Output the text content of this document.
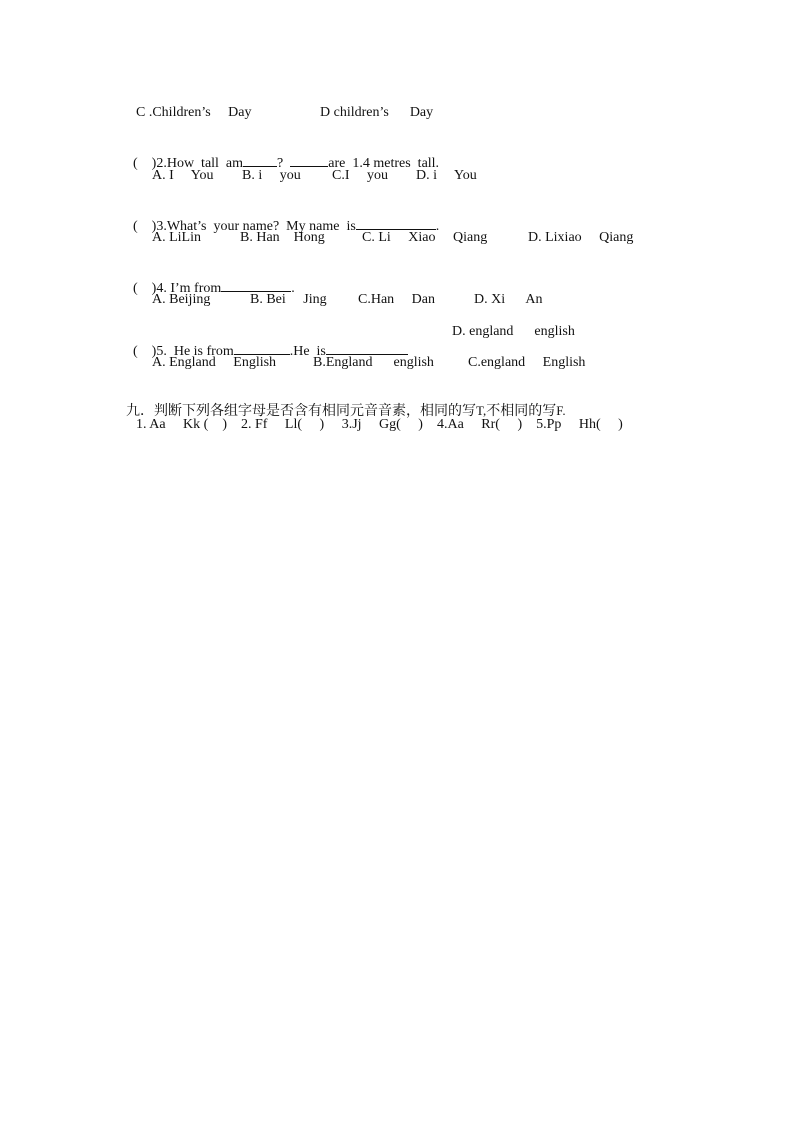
C .Children’s     Day	D children’s      Day

(    )2.How  tall  am ?	are  1.4 metres  tall.

A. I     You B. i     you C.I     you D. i     You

(    )3.What’s  your name?  My name  is	.

A. LiLin	B. Han    Hong	C. Li     Xiao     Qiang	D. Lixiao     Qiang

(    )4. I’m from	.

A. Beijing	B. Bei     Jing C.Han     Dan	D. Xi      An

(    )5.  He is from	.He  is

D. england      english
A. England     English	B.England      english C.england     English

九．判断下列各组字母是否含有相同元音音素，相同的写T,不相同的写F.

1. Aa     Kk (    )    2. Ff     Ll(     )     3.Jj     Gg(     )    4.Aa     Rr(     )    5.Pp     Hh(     )
